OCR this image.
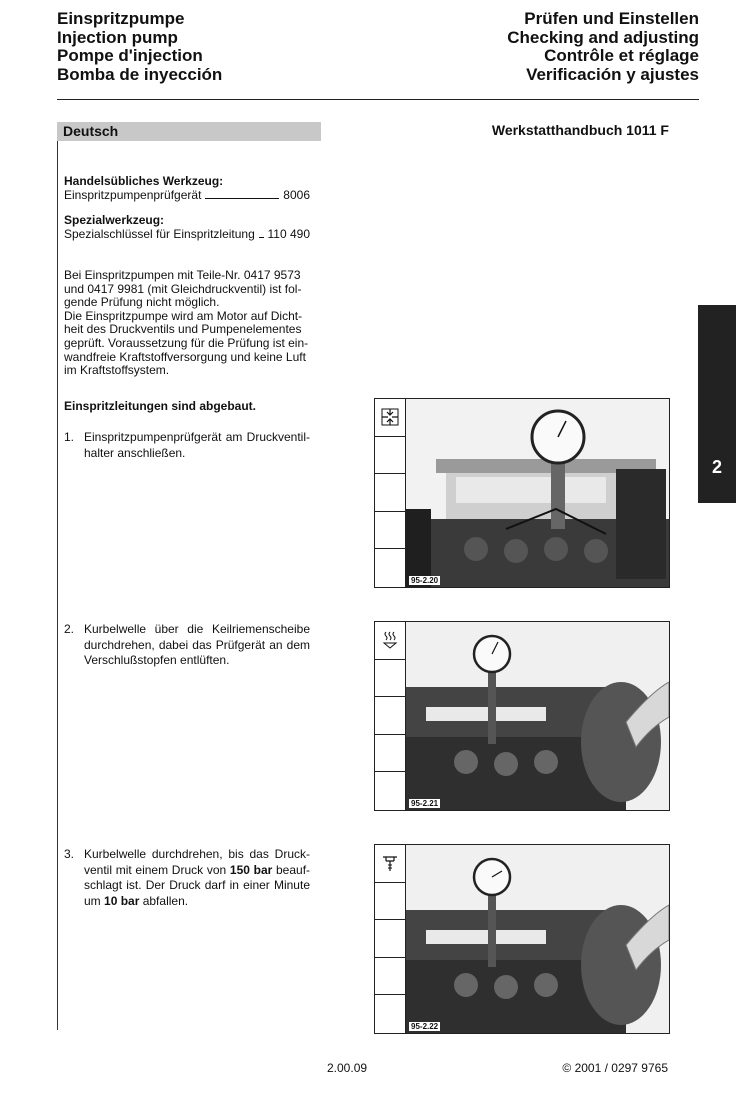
Einspritzpumpe
Injection pump
Pompe d'injection
Bomba de inyección
Prüfen und Einstellen
Checking and adjusting
Contrôle et réglage
Verificación y ajustes
Deutsch	Werkstatthandbuch 1011 F
Handelsübliches Werkzeug:
Einspritzpumpenprüfgerät	8006
Spezialwerkzeug:
Spezialschlüssel für Einspritzleitung 110 490
Bei Einspritzpumpen mit Teile-Nr. 0417 9573
und 0417 9981 (mit Gleichdruckventil) ist fol-
gende Prüfung nicht möglich.
Die Einspritzpumpe wird am Motor auf Dicht-
heit des Druckventils und Pumpenelementes
geprüft. Voraussetzung für die Prüfung ist ein-
wandfreie Kraftstoffversorgung und keine Luft
im Kraftstoffsystem.
Einspritzleitungen sind abgebaut.
1. Einspritzpumpenprüfgerät am Druckventil-halter anschließen.
2. Kurbelwelle über die Keilriemenscheibe durchdrehen, dabei das Prüfgerät an dem Verschlußstopfen entlüften.
3. Kurbelwelle durchdrehen, bis das Druck-ventil mit einem Druck von 150 bar beauf-schlagt ist. Der Druck darf in einer Minute um 10 bar abfallen.
95-2.20
95-2.21
95-2.22
2
2.00.09	© 2001 / 0297 9765
